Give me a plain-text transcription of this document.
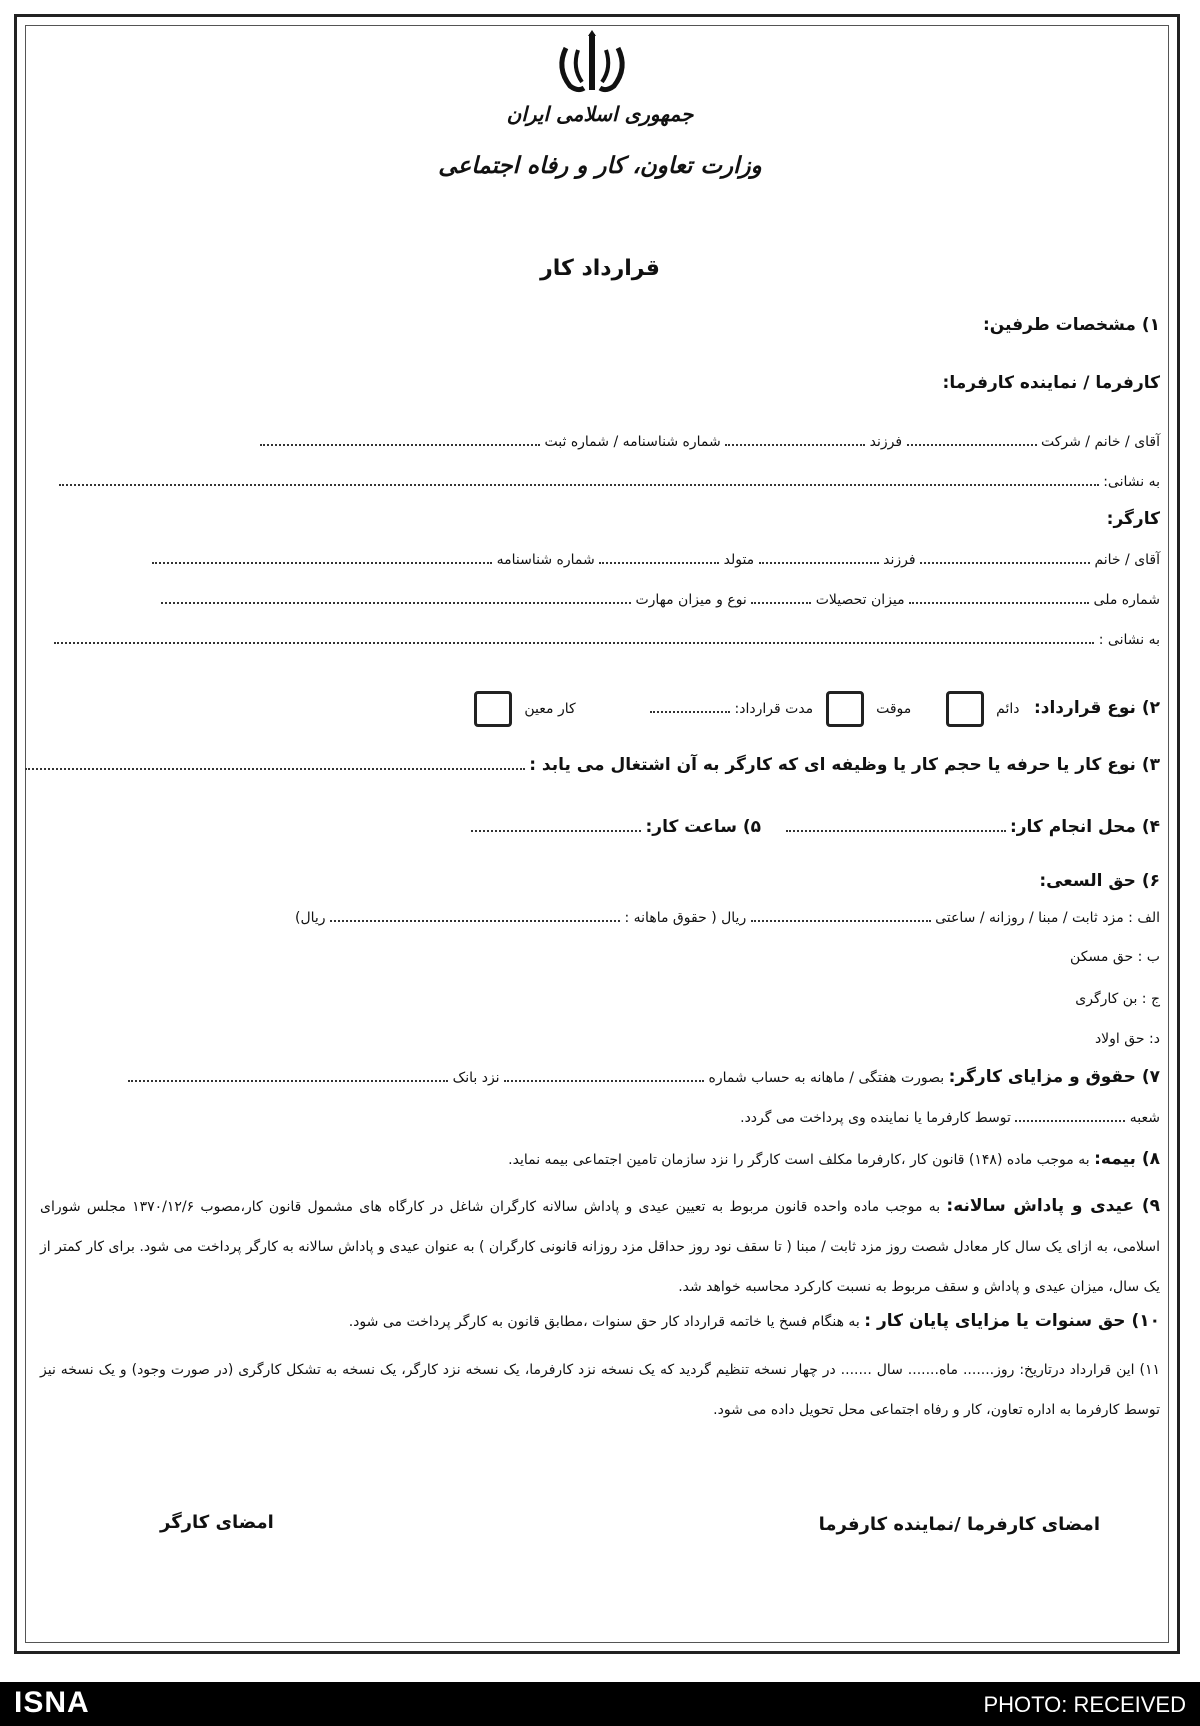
جمهوری اسلامی ایران
وزارت تعاون، کار و رفاه اجتماعی
قرارداد کار
۱) مشخصات طرفین:
کارفرما / نماینده کارفرما:
آقای / خانم / شرکت  فرزند  شماره شناسنامه / شماره ثبت
به نشانی:
کارگر:
آقای / خانم  فرزند  متولد  شماره شناسنامه
شماره ملی  میزان تحصیلات  نوع و میزان مهارت
به نشانی :
۲) نوع قرارداد: دائم  موقت  مدت قرارداد:  کار معین
۳) نوع کار یا حرفه یا حجم کار یا وظیفه ای که کارگر به آن اشتغال می یابد :
۴) محل انجام کار:  ۵) ساعت کار:
۶) حق السعی:
الف : مزد ثابت / مبنا / روزانه / ساعتی  ریال ( حقوق ماهانه :  ریال)
ب : حق مسکن
ج : بن کارگری
د: حق اولاد
۷) حقوق و مزایای کارگر: بصورت هفتگی / ماهانه به حساب شماره  نزد بانک
شعبه  توسط کارفرما یا نماینده وی پرداخت می گردد.
۸) بیمه: به موجب ماده (۱۴۸) قانون کار ،کارفرما مکلف است کارگر را نزد سازمان تامین اجتماعی بیمه نماید.
۹) عیدی و پاداش سالانه: به موجب ماده واحده قانون مربوط به تعیین عیدی و پاداش سالانه کارگران شاغل در کارگاه های مشمول قانون کار،مصوب ۱۳۷۰/۱۲/۶ مجلس شورای اسلامی، به ازای یک سال کار معادل شصت روز مزد ثابت / مبنا ( تا سقف نود روز حداقل مزد روزانه قانونی کارگران ) به عنوان عیدی و پاداش سالانه به کارگر پرداخت می شود. برای کار کمتر از یک سال، میزان عیدی و پاداش و سقف مربوط به نسبت کارکرد محاسبه خواهد شد.
۱۰) حق سنوات یا مزایای پایان کار : به هنگام فسخ یا خاتمه قرارداد کار حق سنوات ،مطابق قانون به کارگر پرداخت می شود.
۱۱) این قرارداد درتاریخ: روز....... ماه....... سال ....... در چهار نسخه تنظیم گردید که یک نسخه نزد کارفرما، یک نسخه نزد کارگر، یک نسخه به تشکل کارگری (در صورت وجود) و یک نسخه نیز توسط کارفرما به اداره تعاون، کار و رفاه اجتماعی محل تحویل داده می شود.
امضای کارفرما /نماینده کارفرما
امضای کارگر
ISNA	PHOTO: RECEIVED
